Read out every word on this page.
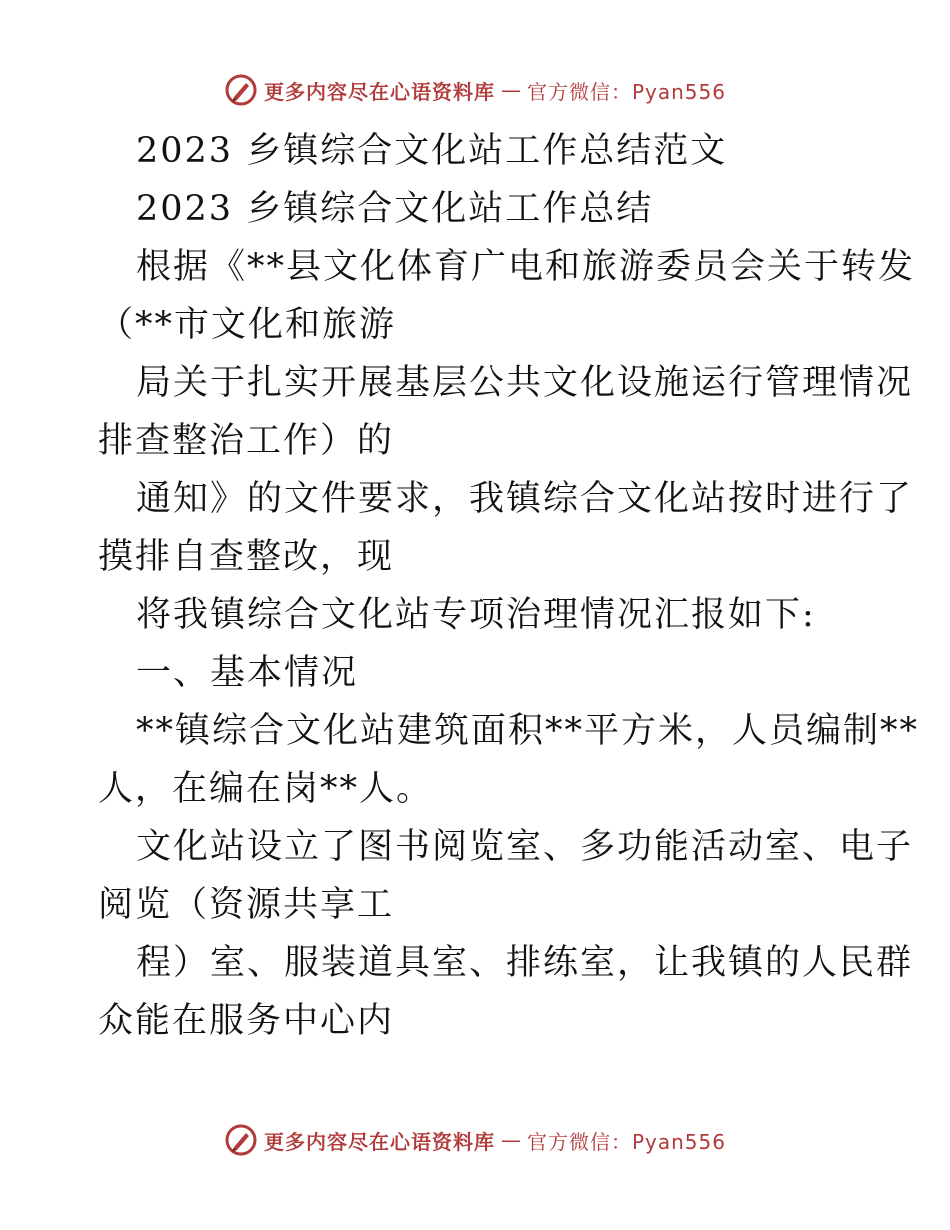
更多内容尽在心语资料库 — 官方微信：Pyan556
2023 乡镇综合文化站工作总结范文
2023 乡镇综合文化站工作总结
根据《**县文化体育广电和旅游委员会关于转发
（**市文化和旅游
局关于扎实开展基层公共文化设施运行管理情况
排查整治工作）的
通知》的文件要求，我镇综合文化站按时进行了
摸排自查整改，现
将我镇综合文化站专项治理情况汇报如下:
一、基本情况
**镇综合文化站建筑面积**平方米，人员编制**
人，在编在岗**人。
文化站设立了图书阅览室、多功能活动室、电子
阅览（资源共享工
程）室、服装道具室、排练室，让我镇的人民群
众能在服务中心内
更多内容尽在心语资料库 — 官方微信：Pyan556
